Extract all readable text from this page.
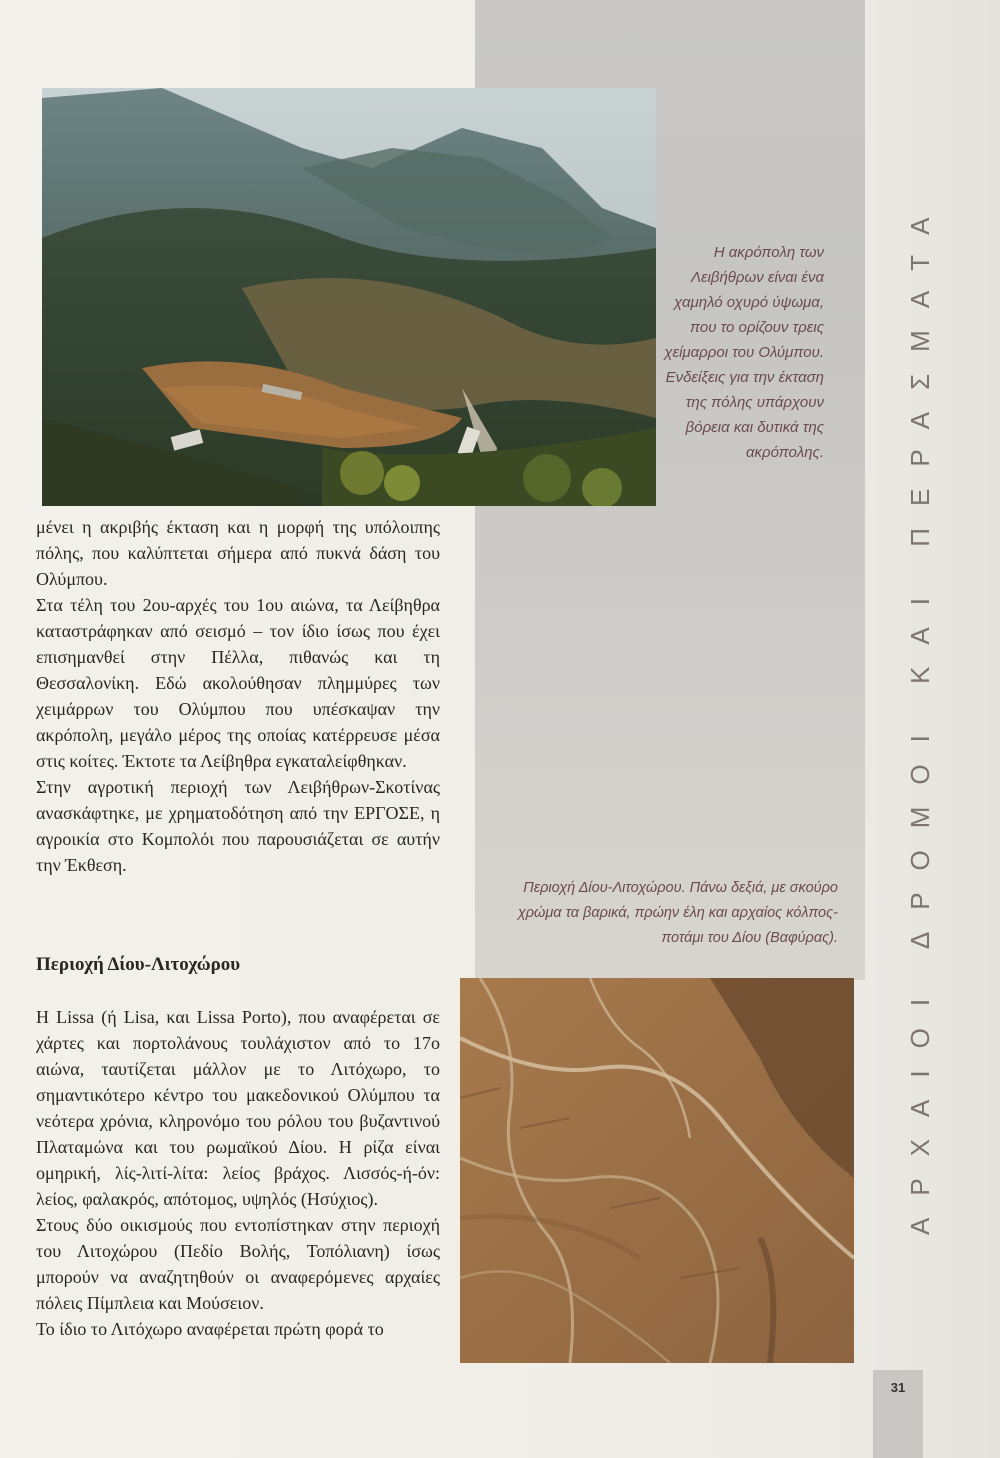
ΑΡΧΑΙΟΙ ΔΡΟΜΟΙ ΚΑΙ ΠΕΡΑΣΜΑΤΑ
Η ακρόπολη των Λειβήθρων είναι ένα χαμηλό οχυρό ύψωμα, που το ορίζουν τρεις χείμαρροι του Ολύμπου. Ενδείξεις για την έκταση της πόλης υπάρχουν βόρεια και δυτικά της ακρόπολης.

μένει η ακριβής έκταση και η μορφή της υπόλοιπης πόλης, που καλύπτεται σήμερα από πυκνά δάση του Ολύμπου.

Στα τέλη του 2ου-αρχές του 1ου αιώνα, τα Λείβηθρα καταστράφηκαν από σεισμό – τον ίδιο ίσως που έχει επισημανθεί στην Πέλλα, πιθανώς και τη Θεσσαλονίκη. Εδώ ακολούθησαν πλημμύρες των χειμάρρων του Ολύμπου που υπέσκαψαν την ακρόπολη, μεγάλο μέρος της οποίας κατέρρευσε μέσα στις κοίτες. Έκτοτε τα Λείβηθρα εγκαταλείφθηκαν.

Στην αγροτική περιοχή των Λειβήθρων-Σκοτίνας ανασκάφτηκε, με χρηματοδότηση από την ΕΡΓΟΣΕ, η αγροικία στο Κομπολόι που παρουσιάζεται σε αυτήν την Έκθεση.

Περιοχή Δίου-Λιτοχώρου. Πάνω δεξιά, με σκούρο χρώμα τα βαρικά, πρώην έλη και αρχαίος κόλπος-ποτάμι του Δίου (Βαφύρας).
Περιοχή Δίου-Λιτοχώρου

Η Lissa (ή Lisa, και Lissa Porto), που αναφέρεται σε χάρτες και πορτολάνους τουλάχιστον από το 17ο αιώνα, ταυτίζεται μάλλον με το Λιτόχωρο, το σημαντικότερο κέντρο του μακεδονικού Ολύμπου τα νεότερα χρόνια, κληρονόμο του ρόλου του βυζαντινού Πλαταμώνα και του ρωμαϊκού Δίου. Η ρίζα είναι ομηρική, λίς-λιτί-λίτα: λείος βράχος. Λισσός-ή-όν: λείος, φαλακρός, απότομος, υψηλός (Ησύχιος).

Στους δύο οικισμούς που εντοπίστηκαν στην περιοχή του Λιτοχώρου (Πεδίο Βολής, Τοπόλιανη) ίσως μπορούν να αναζητηθούν οι αναφερόμενες αρχαίες πόλεις Πίμπλεια και Μούσειον.

Το ίδιο το Λιτόχωρο αναφέρεται πρώτη φορά το

31
